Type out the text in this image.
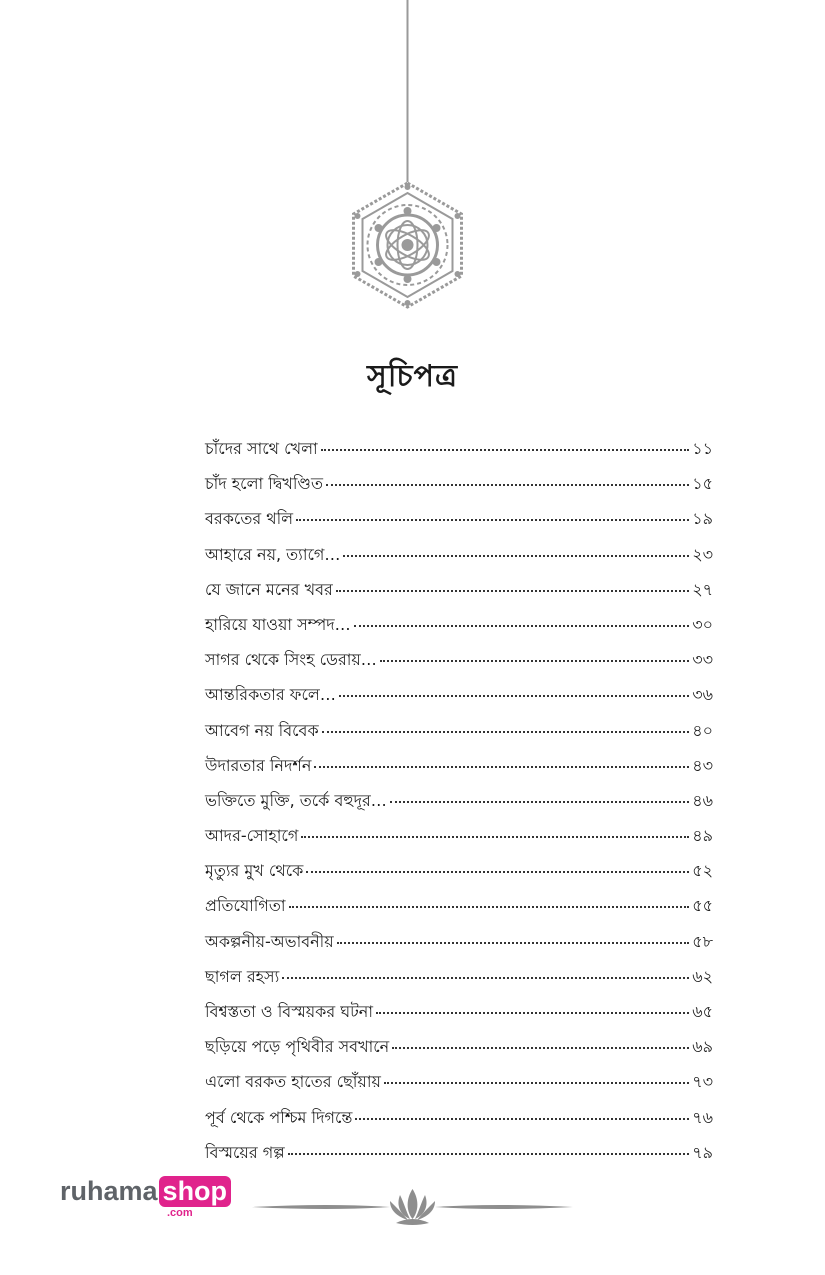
সূচিপত্র
চাঁদের সাথে খেলা	১১
চাঁদ হলো দ্বিখণ্ডিত	১৫
বরকতের থলি	১৯
আহারে নয়, ত্যাগে…	২৩
যে জানে মনের খবর	২৭
হারিয়ে যাওয়া সম্পদ…	৩০
সাগর থেকে সিংহ ডেরায়…	৩৩
আন্তরিকতার ফলে…	৩৬
আবেগ নয় বিবেক	৪০
উদারতার নিদর্শন	৪৩
ভক্তিতে মুক্তি, তর্কে বহুদূর…	৪৬
আদর-সোহাগে	৪৯
মৃত্যুর মুখ থেকে	৫২
প্রতিযোগিতা	৫৫
অকল্পনীয়-অভাবনীয়	৫৮
ছাগল রহস্য	৬২
বিশ্বস্ততা ও বিস্ময়কর ঘটনা	৬৫
ছড়িয়ে পড়ে পৃথিবীর সবখানে	৬৯
এলো বরকত হাতের ছোঁয়ায়	৭৩
পূর্ব থেকে পশ্চিম দিগন্তে	৭৬
বিস্ময়ের গল্প	৭৯
ruhama shop
.com
